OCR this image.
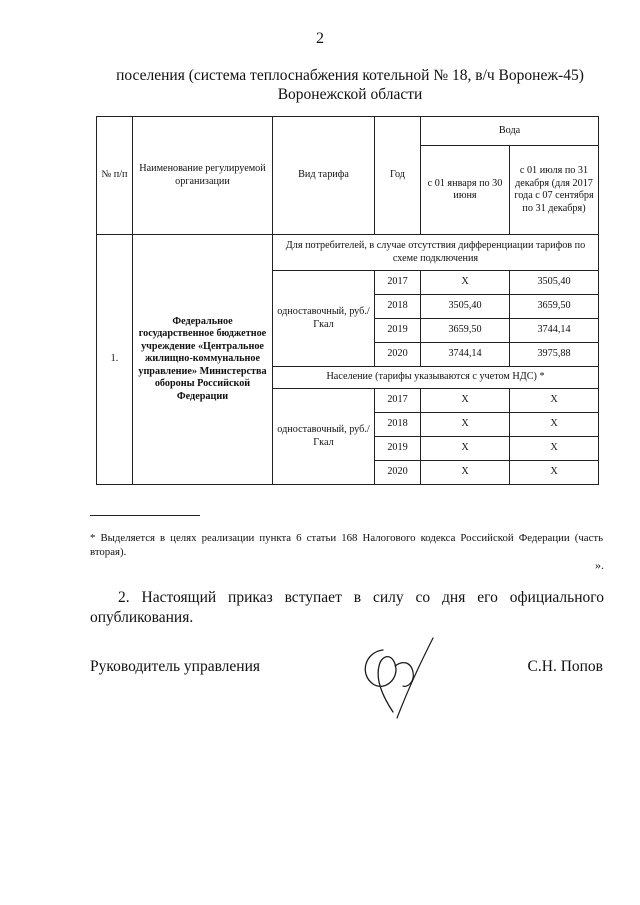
2
поселения (система теплоснабжения котельной № 18, в/ч Воронеж-45)
Воронежской области
№ п/п	Наименование регулируемой организации	Вид тарифа	Год	Вода	
				с 01 января по 30 июня	с 01 июля по 31 декабря (для 2017 года с 07 сентября по 31 декабря)
1.	Федеральное государственное бюджетное учреждение «Центральное жилищно-коммунальное управление» Министерства обороны Российской Федерации	Для потребителей, в случае отсутствия дифференциации тарифов по схеме подключения			
		одноставочный, руб./Гкал	2017	X	3505,40
			2018	3505,40	3659,50
			2019	3659,50	3744,14
			2020	3744,14	3975,88
		Население (тарифы указываются с учетом НДС) *			
		одноставочный, руб./Гкал	2017	X	X
			2018	X	X
			2019	X	X
			2020	X	X
* Выделяется в целях реализации пункта 6 статьи 168 Налогового кодекса Российской Федерации (часть вторая).
».
2. Настоящий приказ вступает в силу со дня его официального опубликования.
Руководитель управления	С.Н. Попов
